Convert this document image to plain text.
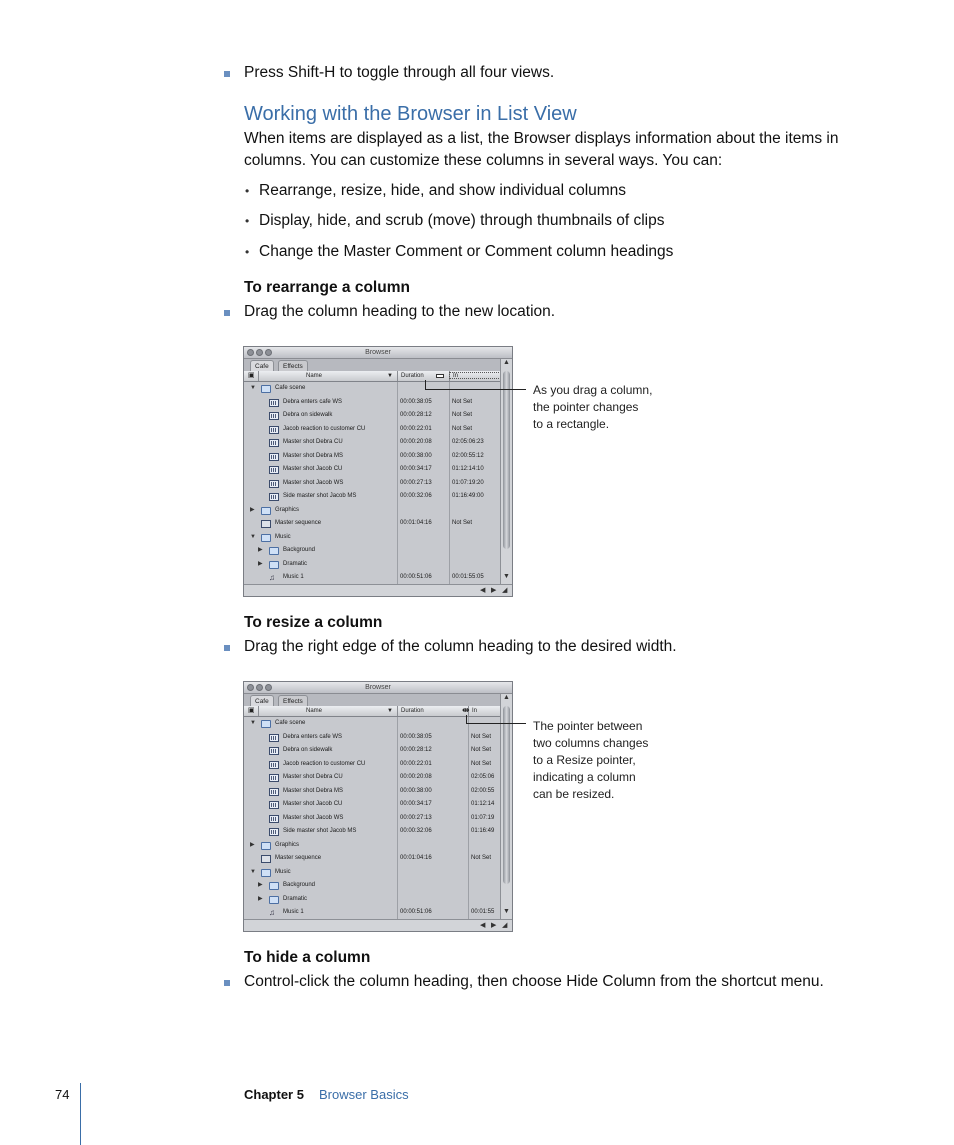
Press Shift-H to toggle through all four views.
Working with the Browser in List View
When items are displayed as a list, the Browser displays information about the items in columns. You can customize these columns in several ways. You can:
• Rearrange, resize, hide, and show individual columns
• Display, hide, and scrub (move) through thumbnails of clips
• Change the Master Comment or Comment column headings
To rearrange a column
Drag the column heading to the new location.
Browser
Cafe	Effects
▣	Name	▼ Duration	In
▼	Cafe scene
Debra enters cafe WS	00:00:38:05	Not Set
Debra on sidewalk	00:00:28:12	Not Set
Jacob reaction to customer CU	00:00:22:01	Not Set
Master shot Debra CU	00:00:20:08	02:05:06:23
Master shot Debra MS	00:00:38:00	02:00:55:12
Master shot Jacob CU	00:00:34:17	01:12:14:10
Master shot Jacob WS	00:00:27:13	01:07:19:20
Side master shot Jacob MS	00:00:32:06	01:16:49:00
▶	Graphics
Master sequence	00:01:04:16	Not Set
▼	Music
▶	Background
▶	Dramatic
♫	Music 1	00:00:51:06	00:01:55:05
▲
▼
◀ ▶ ◢
As you drag a column,
the pointer changes
to a rectangle.
To resize a column
Drag the right edge of the column heading to the desired width.
Browser
Cafe	Effects
▣	Name	▼ Duration	In
⇹
▼	Cafe scene
Debra enters cafe WS	00:00:38:05	Not Set
Debra on sidewalk	00:00:28:12	Not Set
Jacob reaction to customer CU	00:00:22:01	Not Set
Master shot Debra CU	00:00:20:08	02:05:06
Master shot Debra MS	00:00:38:00	02:00:55
Master shot Jacob CU	00:00:34:17	01:12:14
Master shot Jacob WS	00:00:27:13	01:07:19
Side master shot Jacob MS	00:00:32:06	01:16:49
▶	Graphics
Master sequence	00:01:04:16	Not Set
▼	Music
▶	Background
▶	Dramatic
♫	Music 1	00:00:51:06	00:01:55
▲
▼
◀ ▶ ◢
The pointer between
two columns changes
to a Resize pointer,
indicating a column
can be resized.
To hide a column
Control-click the column heading, then choose Hide Column from the shortcut menu.
74	Chapter 5 Browser Basics
